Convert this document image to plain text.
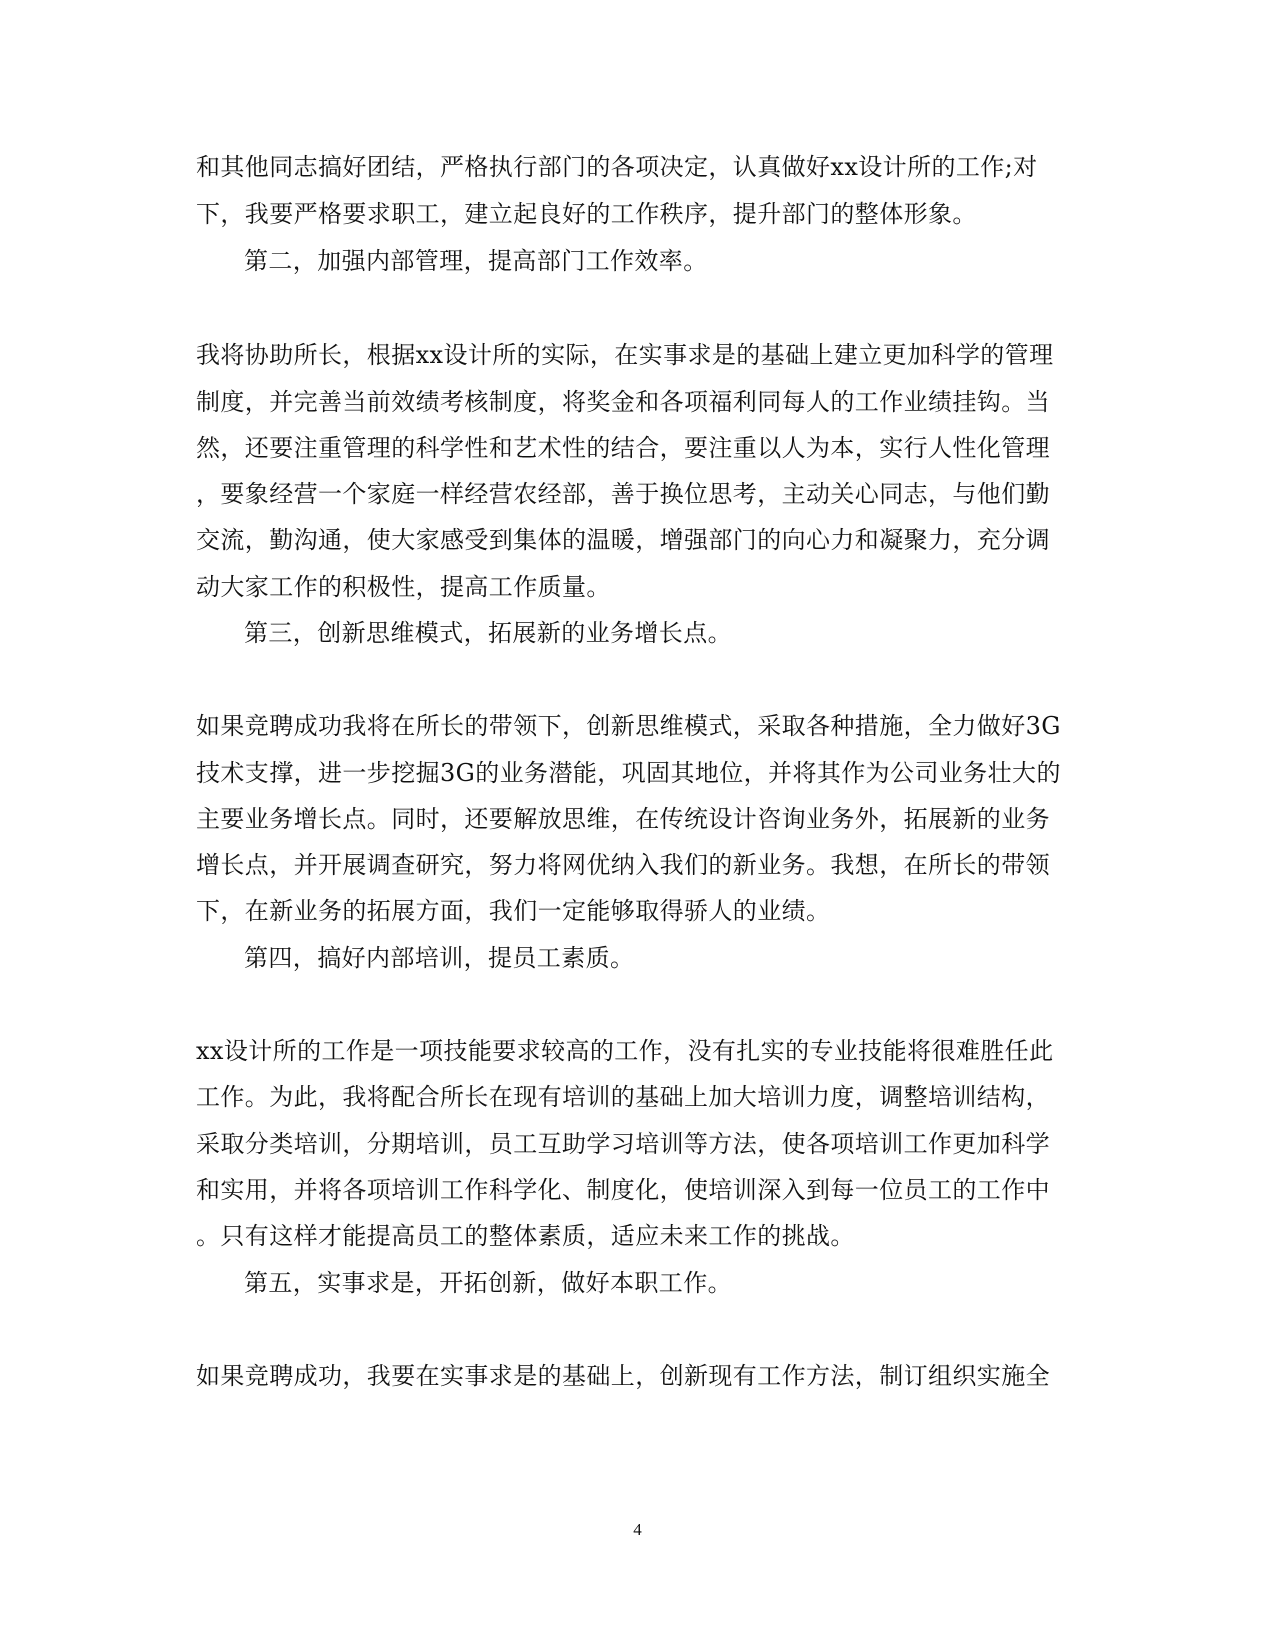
和其他同志搞好团结，严格执行部门的各项决定，认真做好xx设计所的工作;对
下，我要严格要求职工，建立起良好的工作秩序，提升部门的整体形象。
第二，加强内部管理，提高部门工作效率。
我将协助所长，根据xx设计所的实际，在实事求是的基础上建立更加科学的管理
制度，并完善当前效绩考核制度，将奖金和各项福利同每人的工作业绩挂钩。当
然，还要注重管理的科学性和艺术性的结合，要注重以人为本，实行人性化管理
，要象经营一个家庭一样经营农经部，善于换位思考，主动关心同志，与他们勤
交流，勤沟通，使大家感受到集体的温暖，增强部门的向心力和凝聚力，充分调
动大家工作的积极性，提高工作质量。
第三，创新思维模式，拓展新的业务增长点。
如果竞聘成功我将在所长的带领下，创新思维模式，采取各种措施，全力做好3G
技术支撑，进一步挖掘3G的业务潜能，巩固其地位，并将其作为公司业务壮大的
主要业务增长点。同时，还要解放思维，在传统设计咨询业务外，拓展新的业务
增长点，并开展调查研究，努力将网优纳入我们的新业务。我想，在所长的带领
下，在新业务的拓展方面，我们一定能够取得骄人的业绩。
第四，搞好内部培训，提员工素质。
xx设计所的工作是一项技能要求较高的工作，没有扎实的专业技能将很难胜任此
工作。为此，我将配合所长在现有培训的基础上加大培训力度，调整培训结构，
采取分类培训，分期培训，员工互助学习培训等方法，使各项培训工作更加科学
和实用，并将各项培训工作科学化、制度化，使培训深入到每一位员工的工作中
。只有这样才能提高员工的整体素质，适应未来工作的挑战。
第五，实事求是，开拓创新，做好本职工作。
如果竞聘成功，我要在实事求是的基础上，创新现有工作方法，制订组织实施全
4
